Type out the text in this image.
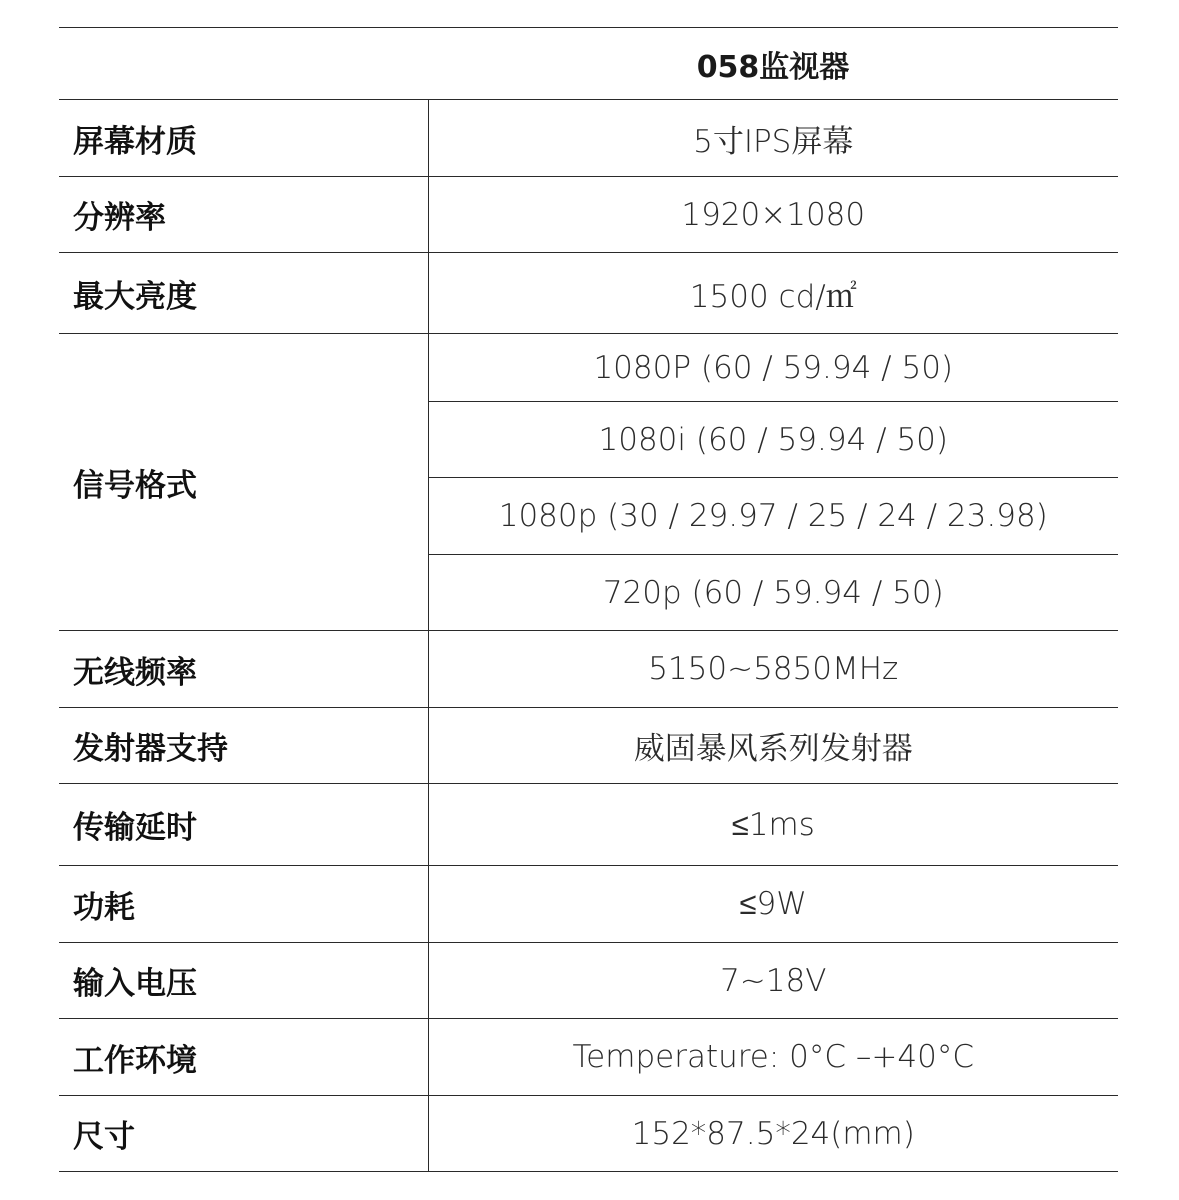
	058监视器
屏幕材质	5寸IPS屏幕
分辨率	1920×1080
最大亮度	1500 cd/㎡
信号格式	1080P (60 / 59.94 / 50)
	1080i (60 / 59.94 / 50)
	1080p (30 / 29.97 / 25 / 24 / 23.98)
	720p (60 / 59.94 / 50)
无线频率	5150~5850MHz
发射器支持	威固暴风系列发射器
传输延时	≤1ms
功耗	≤9W
输入电压	7~18V
工作环境	Temperature: 0°C –+40°C
尺寸	152*87.5*24(mm)
